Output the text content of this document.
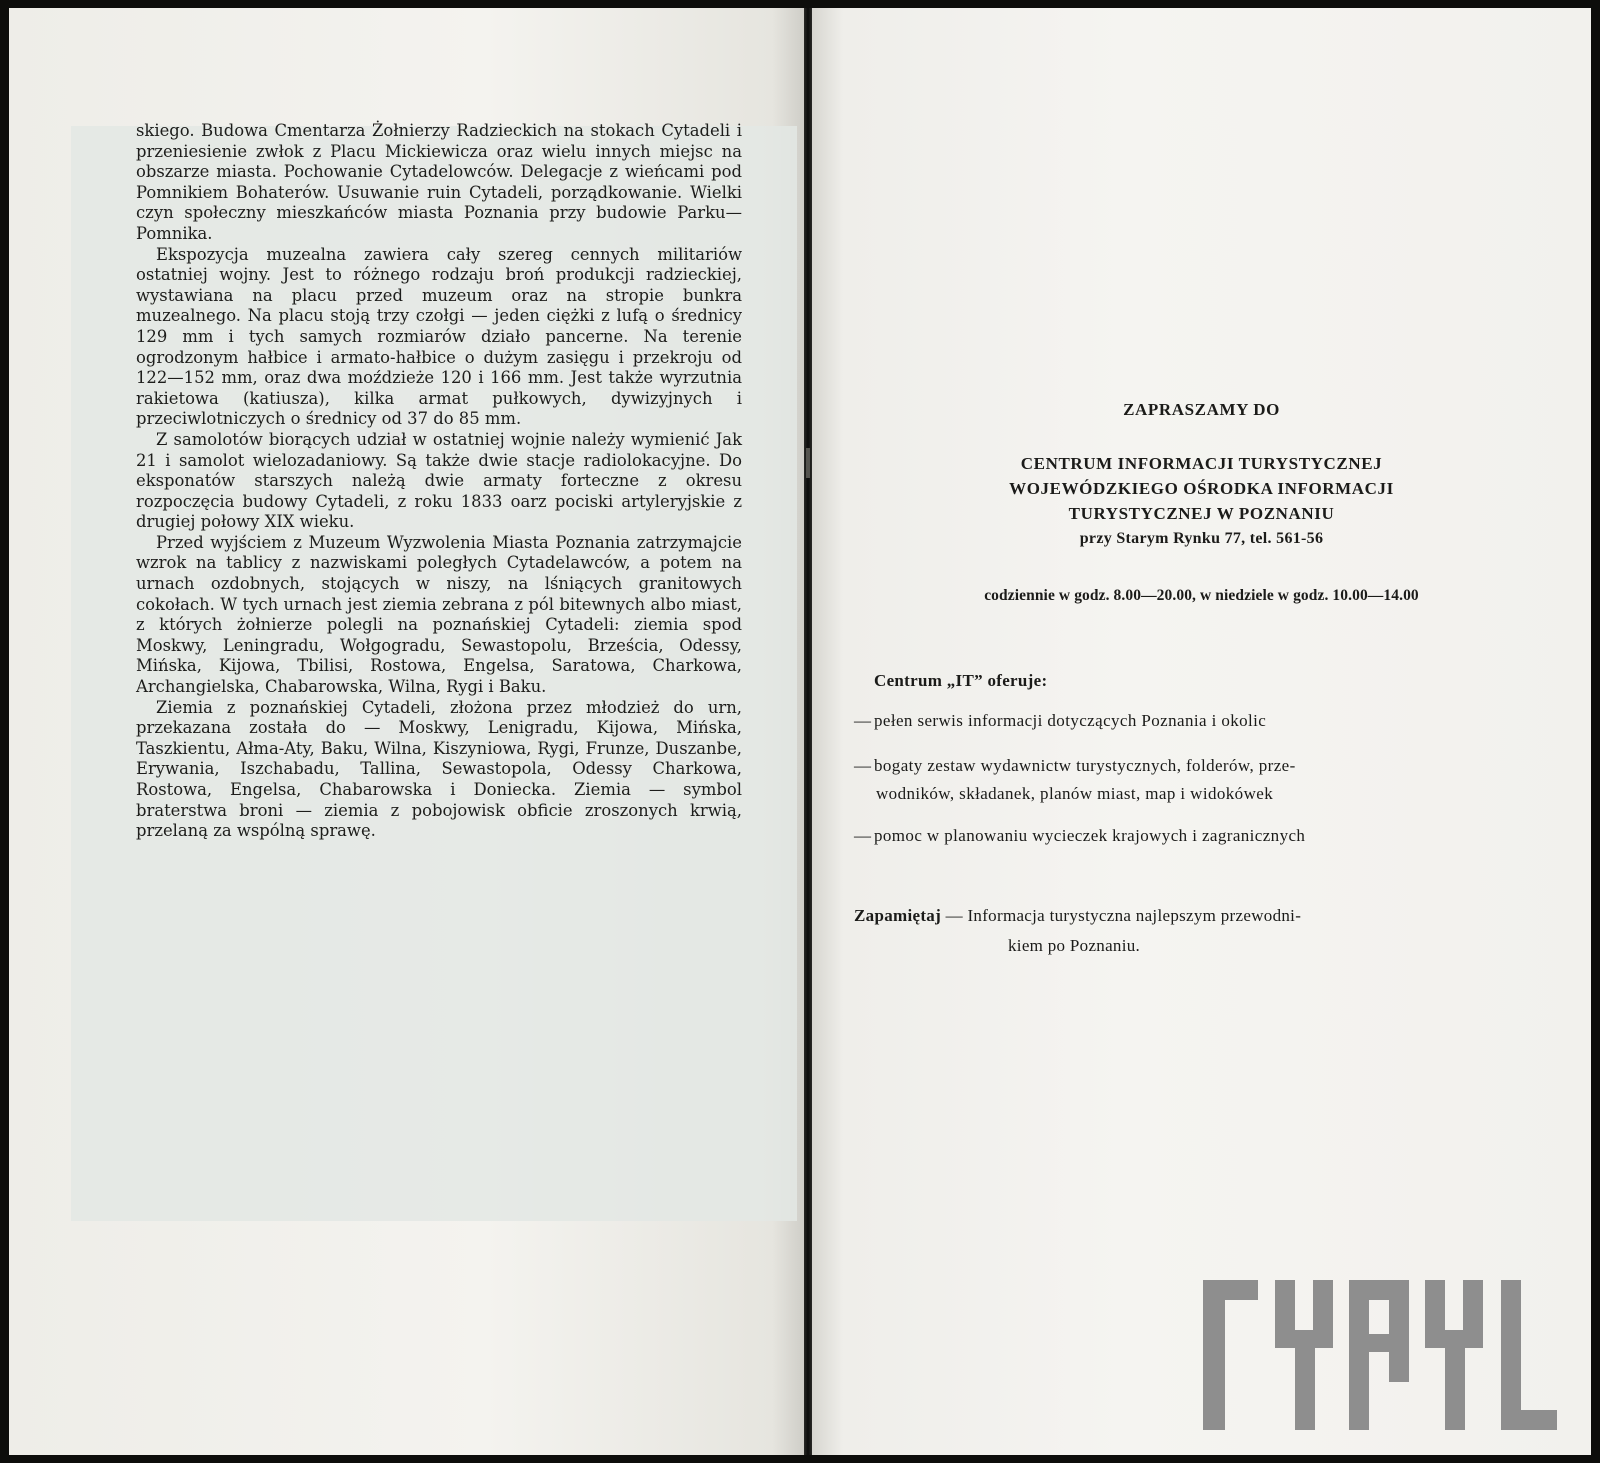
skiego. Budowa Cmentarza Żołnierzy Radzieckich na stokach Cytadeli i przeniesienie zwłok z Placu Mickiewicza oraz wielu innych miejsc na obszarze miasta. Pochowanie Cytadelowców. Delegacje z wieńcami pod Pomnikiem Bohaterów. Usuwanie ruin Cytadeli, porządkowanie. Wielki czyn społeczny mieszkańców miasta Poznania przy budowie Parku—Pomnika.

Ekspozycja muzealna zawiera cały szereg cennych militariów ostatniej wojny. Jest to różnego rodzaju broń produkcji radzieckiej, wystawiana na placu przed muzeum oraz na stropie bunkra muzealnego. Na placu stoją trzy czołgi — jeden ciężki z lufą o średnicy 129 mm i tych samych rozmiarów działo pancerne. Na terenie ogrodzonym hałbice i armato-hałbice o dużym zasięgu i przekroju od 122—152 mm, oraz dwa moździeże 120 i 166 mm. Jest także wyrzutnia rakietowa (katiusza), kilka armat pułkowych, dywizyjnych i przeciwlotniczych o średnicy od 37 do 85 mm.

Z samolotów biorących udział w ostatniej wojnie należy wymienić Jak 21 i samolot wielozadaniowy. Są także dwie stacje radiolokacyjne. Do eksponatów starszych należą dwie armaty forteczne z okresu rozpoczęcia budowy Cytadeli, z roku 1833 oarz pociski artyleryjskie z drugiej połowy XIX wieku.

Przed wyjściem z Muzeum Wyzwolenia Miasta Poznania zatrzymajcie wzrok na tablicy z nazwiskami poległych Cytadelawców, a potem na urnach ozdobnych, stojących w niszy, na lśniących granitowych cokołach. W tych urnach jest ziemia zebrana z pól bitewnych albo miast, z których żołnierze polegli na poznańskiej Cytadeli: ziemia spod Moskwy, Leningradu, Wołgogradu, Sewastopolu, Brześcia, Odessy, Mińska, Kijowa, Tbilisi, Rostowa, Engelsa, Saratowa, Charkowa, Archangielska, Chabarowska, Wilna, Rygi i Baku.

Ziemia z poznańskiej Cytadeli, złożona przez młodzież do urn, przekazana została do — Moskwy, Lenigradu, Kijowa, Mińska, Taszkientu, Ałma-Aty, Baku, Wilna, Kiszyniowa, Rygi, Frunze, Duszanbe, Erywania, Iszchabadu, Tallina, Sewastopola, Odessy Charkowa, Rostowa, Engelsa, Chabarowska i Doniecka. Ziemia — symbol braterstwa broni — ziemia z pobojowisk obficie zroszonych krwią, przelaną za wspólną sprawę.

ZAPRASZAMY DO
CENTRUM INFORMACJI TURYSTYCZNEJ
WOJEWÓDZKIEGO OŚRODKA INFORMACJI
TURYSTYCZNEJ W POZNANIU
przy Starym Rynku 77, tel. 561-56
codziennie w godz. 8.00—20.00, w niedziele w godz. 10.00—14.00
Centrum „IT” oferuje:
— pełen serwis informacji dotyczących Poznania i okolic
— bogaty zestaw wydawnictw turystycznych, folderów, prze-
wodników, składanek, planów miast, map i widokówek
— pomoc w planowaniu wycieczek krajowych i zagranicznych
Zapamiętaj — Informacja turystyczna najlepszym przewodni-
kiem po Poznaniu.
